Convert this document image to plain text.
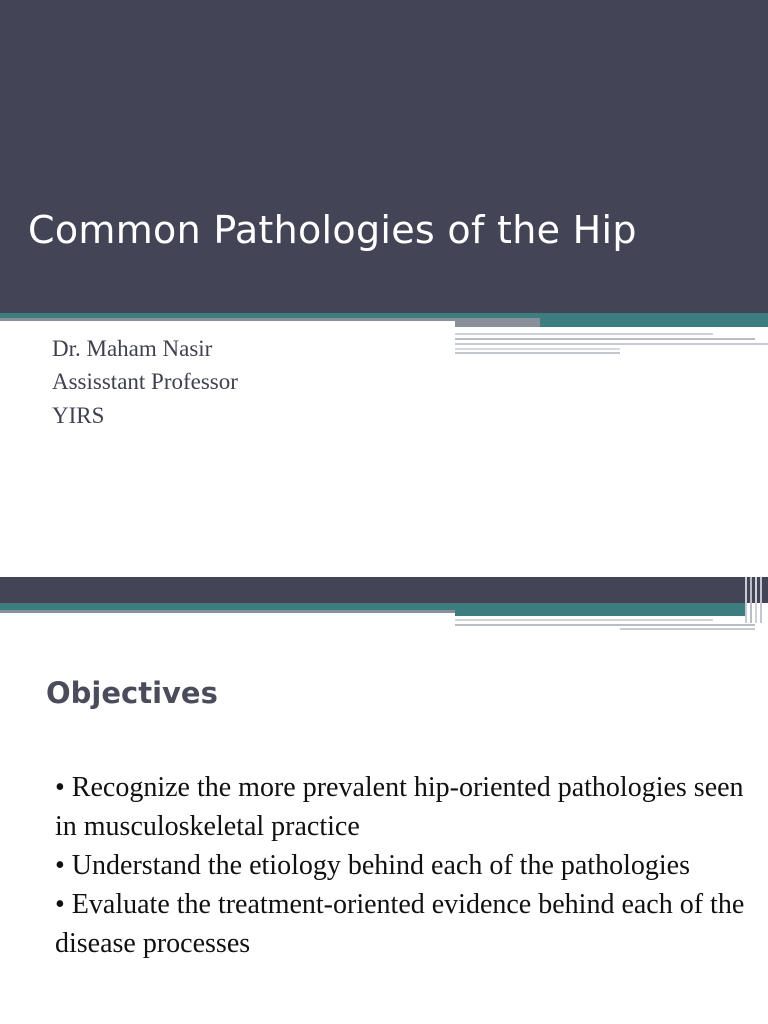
Common Pathologies of the Hip

Dr. Maham Nasir

Assisstant Professor

YIRS

Objectives
• Recognize the more prevalent hip-oriented pathologies seen in musculoskeletal practice
• Understand the etiology behind each of the pathologies
• Evaluate the treatment-oriented evidence behind each of the disease processes
